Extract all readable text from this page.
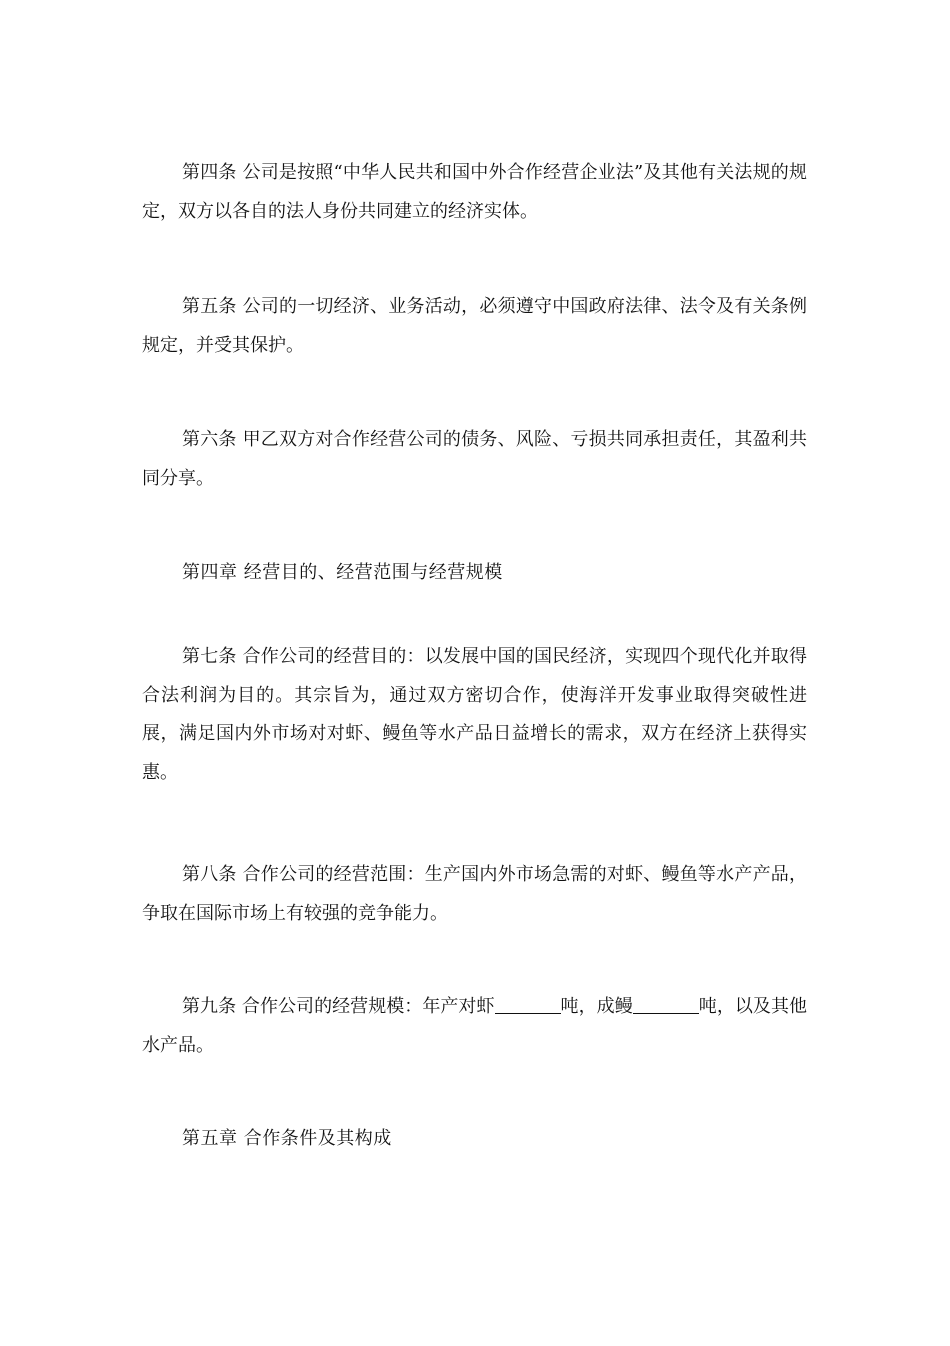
第四条 公司是按照“中华人民共和国中外合作经营企业法”及其他有关法规的规定，双方以各自的法人身份共同建立的经济实体。

第五条 公司的一切经济、业务活动，必须遵守中国政府法律、法令及有关条例规定，并受其保护。

第六条 甲乙双方对合作经营公司的债务、风险、亏损共同承担责任，其盈利共同分享。

第四章 经营目的、经营范围与经营规模

第七条 合作公司的经营目的：以发展中国的国民经济，实现四个现代化并取得合法利润为目的。其宗旨为，通过双方密切合作，使海洋开发事业取得突破性进展，满足国内外市场对对虾、鳗鱼等水产品日益增长的需求，双方在经济上获得实惠。

第八条 合作公司的经营范围：生产国内外市场急需的对虾、鳗鱼等水产产品，争取在国际市场上有较强的竞争能力。

第九条 合作公司的经营规模：年产对虾	吨，成鳗	吨，以及其他水产品。

第五章 合作条件及其构成
